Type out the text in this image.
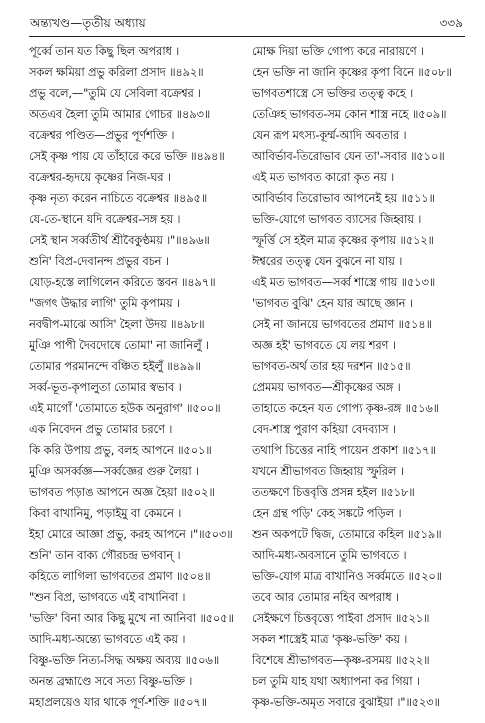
অন্ত্যখণ্ড—তৃতীয় অধ্যায়	৩৩৯
পূর্ব্বে তান যত কিছু ছিল অপরাধ ।
সকল ক্ষমিয়া প্রভু করিলা প্রসাদ ॥৪৯২॥
প্রভু বলে,—"তুমি যে সেবিলা বক্রেশ্বর ।
অতএব হৈলা তুমি আমার গোচর ॥৪৯৩॥
বক্রেশ্বর পণ্ডিত—প্রভুর পূর্ণশক্তি ।
সেই কৃষ্ণ পায় যে তাঁহারে করে ভক্তি ॥৪৯৪॥
বক্রেশ্বর-হৃদয়ে কৃষ্ণের নিজ-ঘর ।
কৃষ্ণ নৃত্য করেন নাচিতে বক্রেশ্বর ॥৪৯৫॥
যে-তে-স্থানে যদি বক্রেশ্বর-সঙ্গ হয় ।
সেই স্থান সর্ব্বতীর্থ শ্রীবৈকুণ্ঠময় ।"॥৪৯৬॥
শুনি' বিপ্র-দেবানন্দ প্রভুর বচন ।
যোড়-হস্তে লাগিলেন করিতে স্তবন ॥৪৯৭॥
"জগৎ উদ্ধার লাগি' তুমি কৃপাময় ।
নবদ্বীপ-মাঝে আসি' হৈলা উদয় ॥৪৯৮॥
মুঞি পাপী দৈবদোষে তোমা' না জানিলুঁ ।
তোমার পরমানন্দে বঞ্চিত হইলুঁ ॥৪৯৯॥
সর্ব্ব-ভূত-কৃপালুতা তোমার স্বভাব ।
এই মাগোঁ 'তোমাতে হউক অনুরাগ' ॥৫০০॥
এক নিবেদন প্রভু তোমার চরণে ।
কি করি উপায় প্রভু, বলহ আপনে ॥৫০১॥
মুঞি অসর্ব্বজ্ঞ—সর্ব্বজ্ঞের গুরু লৈয়া ।
ভাগবত পড়াঙ আপনে অজ্ঞ হৈয়া ॥৫০২॥
কিবা বাখানিমু, পড়াইমু বা কেমনে ।
ইহা মোরে আজ্ঞা প্রভু, করহ আপনে ।"॥৫০৩॥
শুনি' তান বাক্য গৌরচন্দ্র ভগবান্ ।
কহিতে লাগিলা ভাগবতের প্রমাণ ॥৫০৪॥
"শুন বিপ্র, ভাগবতে এই বাখানিবা ।
'ভক্তি' বিনা আর কিছু মুখে না আনিবা ॥৫০৫॥
আদি-মধ্য-অন্ত্যে ভাগবতে এই কয় ।
বিষ্ণু-ভক্তি নিত্য-সিদ্ধ অক্ষয় অব্যয় ॥৫০৬॥
অনন্ত ব্রহ্মাণ্ডে সবে সত্য বিষ্ণু-ভক্তি ।
মহাপ্রলয়েও যার থাকে পূর্ণ-শক্তি ॥৫০৭॥
মোক্ষ দিয়া ভক্তি গোপ্য করে নারায়ণে ।
হেন ভক্তি না জানি কৃষ্ণের কৃপা বিনে ॥৫০৮॥
ভাগবতশাস্ত্রে সে ভক্তির তত্ত্ব কহে ।
তেঞিহ ভাগবত-সম কোন শাস্ত্র নহে ॥৫০৯॥
যেন রূপ মৎস্য-কূর্ম্ম-আদি অবতার ।
আবির্ভাব-তিরোভাব যেন তা'-সবার ॥৫১০॥
এই মত ভাগবত কারো কৃত নয় ।
আবির্ভাব তিরোভাব আপনেই হয় ॥৫১১॥
ভক্তি-যোগে ভাগবত ব্যাসের জিহ্বায় ।
স্ফূর্ত্তি সে হইল মাত্র কৃষ্ণের কৃপায় ॥৫১২॥
ঈশ্বরের তত্ত্ব যেন বুঝনে না যায় ।
এই মত ভাগবত—সর্ব্ব শাস্ত্রে গায় ॥৫১৩॥
'ভাগবত বুঝি' হেন যার আছে জ্ঞান ।
সেই না জানয়ে ভাগবতের প্রমাণ ॥৫১৪॥
অজ্ঞ হই' ভাগবতে যে লয় শরণ ।
ভাগবত-অর্থ তার হয় দরশন ॥৫১৫॥
প্রেমময় ভাগবত—শ্রীকৃষ্ণের অঙ্গ ।
তাহাতে কহেন যত গোপ্য কৃষ্ণ-রঙ্গ ॥৫১৬॥
বেদ-শাস্ত্র পুরাণ কহিয়া বেদব্যাস ।
তথাপি চিত্তের নাহি পায়েন প্রকাশ ॥৫১৭॥
যখনে শ্রীভাগবত জিহ্বায় স্ফুরিল ।
ততক্ষণে চিত্তবৃত্তি প্রসন্ন হইল ॥৫১৮॥
হেন গ্রন্থ পড়ি' কেহ সঙ্কটে পড়িল ।
শুন অকপটে দ্বিজ, তোমারে কহিল ॥৫১৯॥
আদি-মধ্য-অবসানে তুমি ভাগবতে ।
ভক্তি-যোগ মাত্র বাখানিও সর্ব্বমতে ॥৫২০॥
তবে আর তোমার নহিব অপরাধ ।
সেইক্ষণে চিত্তবৃত্ত্যে পাইবা প্রসাদ ॥৫২১॥
সকল শাস্ত্রেই মাত্র 'কৃষ্ণ-ভক্তি' কয় ।
বিশেষে শ্রীভাগবত—কৃষ্ণ-রসময় ॥৫২২॥
চল তুমি যাহ যথা অধ্যাপনা কর গিয়া ।
কৃষ্ণ-ভক্তি-অমৃত সবারে বুঝাইয়া ।"॥৫২৩॥
